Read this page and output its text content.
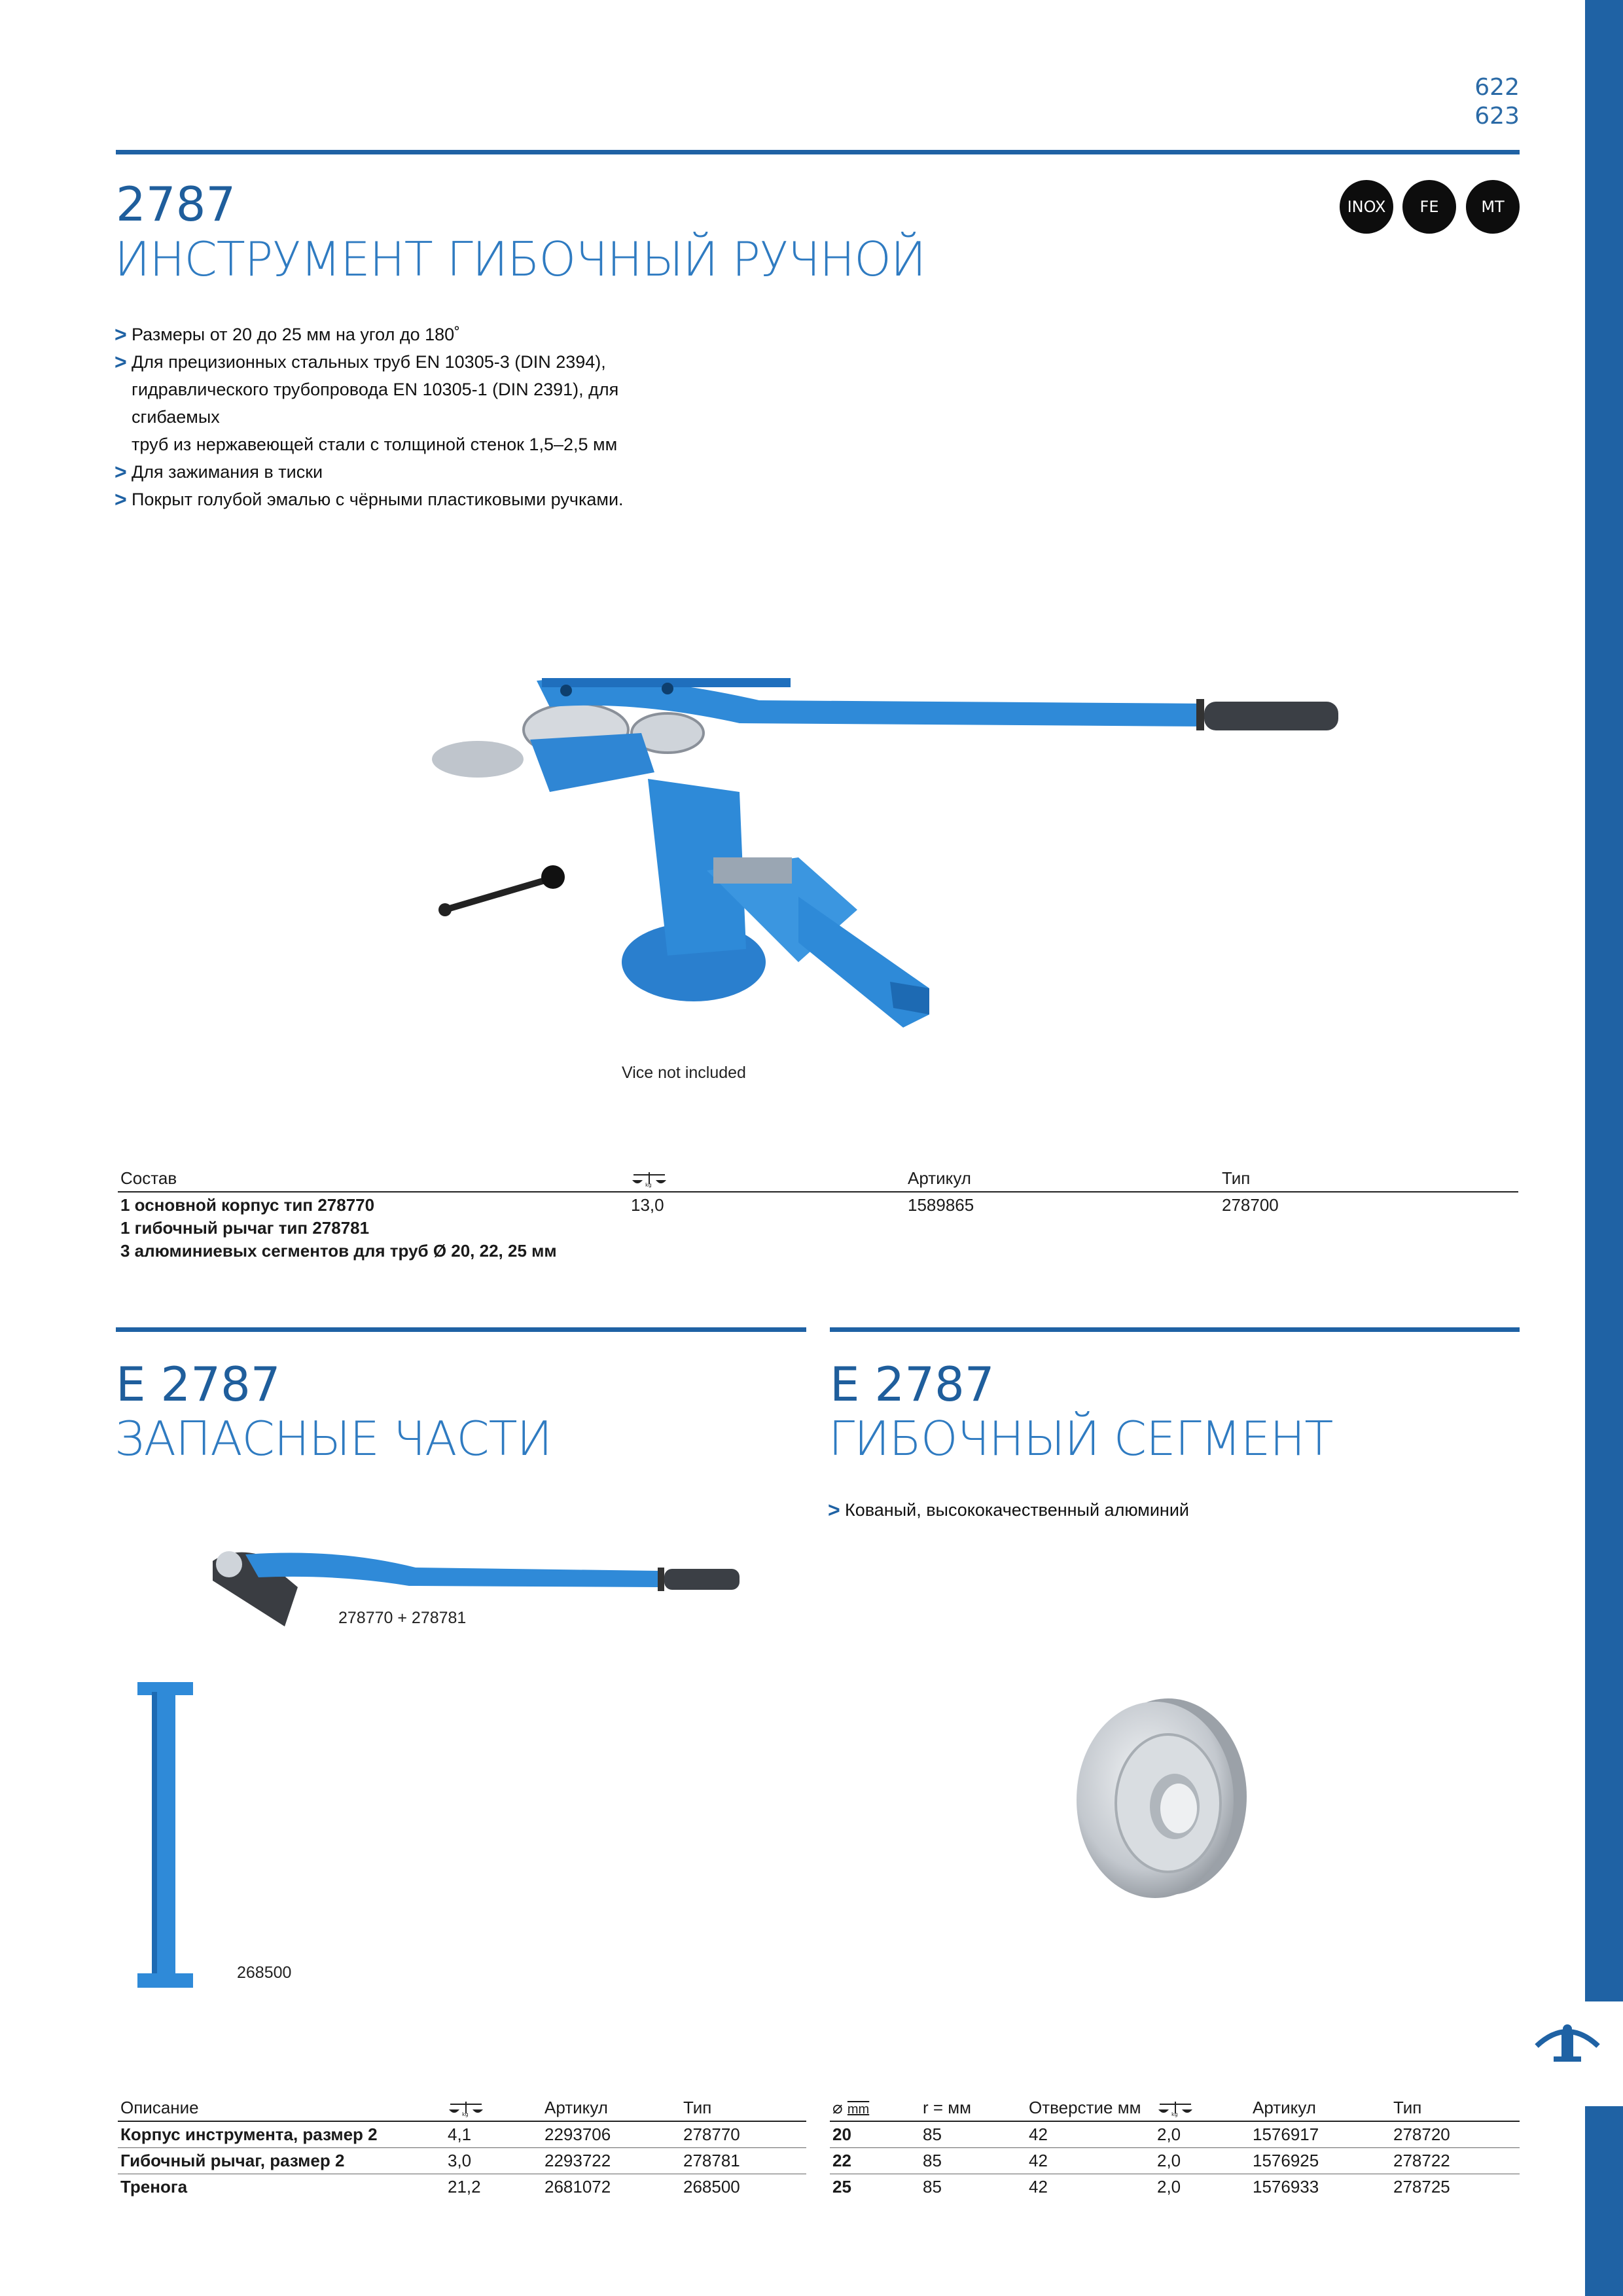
622
623
2787
ИНСТРУМЕНТ ГИБОЧНЫЙ РУЧНОЙ
INOX	FE	MT
> Размеры от 20 до 25 мм на угол до 180˚
> Для прецизионных стальных труб EN 10305-3 (DIN 2394),
гидравлического трубопровода EN 10305-1 (DIN 2391), для сгибаемых
труб из нержавеющей стали с толщиной стенок 1,5–2,5 мм
> Для зажимания в тиски
> Покрыт голубой эмалью с чёрными пластиковыми ручками.
Vice not included
Состав	kg	Артикул	Тип
1 основной корпус тип 278770	13,0	1589865	278700
1 гибочный рычаг тип 278781			
3 алюминиевых сегментов для труб Ø 20, 22, 25 мм			
E 2787
ЗАПАСНЫЕ ЧАСТИ
278770 + 278781
268500
Описание	kg	Артикул	Тип
Корпус инструмента, размер 2	4,1	2293706	278770
Гибочный рычаг, размер 2	3,0	2293722	278781
Тренога	21,2	2681072	268500
E 2787
ГИБОЧНЫЙ СЕГМЕНТ
> Кованый, высококачественный алюминий
⌀ mm	r = мм	Отверстие мм	kg	Артикул	Тип
20	85	42	2,0	1576917	278720
22	85	42	2,0	1576925	278722
25	85	42	2,0	1576933	278725
